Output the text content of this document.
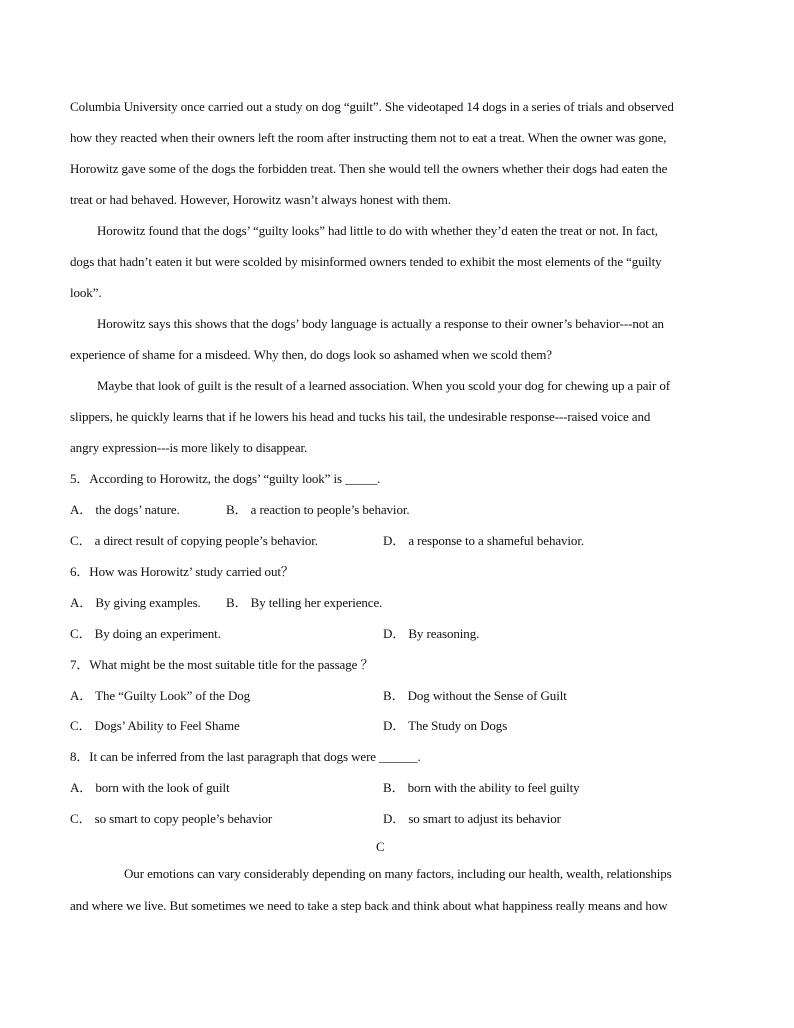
Columbia University once carried out a study on dog “guilt”. She videotaped 14 dogs in a series of trials and observed
how they reacted when their owners left the room after instructing them not to eat a treat. When the owner was gone,
Horowitz gave some of the dogs the forbidden treat. Then she would tell the owners whether their dogs had eaten the
treat or had behaved. However, Horowitz wasn’t always honest with them.
Horowitz found that the dogs’ “guilty looks” had little to do with whether they’d eaten the treat or not. In fact,
dogs that hadn’t eaten it but were scolded by misinformed owners tended to exhibit the most elements of the “guilty
look”.
Horowitz says this shows that the dogs’ body language is actually a response to their owner’s behavior---not an
experience of shame for a misdeed. Why then, do dogs look so ashamed when we scold them?
Maybe that look of guilt is the result of a learned association. When you scold your dog for chewing up a pair of
slippers, he quickly learns that if he lowers his head and tucks his tail, the undesirable response---raised voice and
angry expression---is more likely to disappear.
5．According to Horowitz, the dogs’ “guilty look” is _____.
A． the dogs’ nature.	B． a reaction to people’s behavior.
C． a direct result of copying people’s behavior.	D． a response to a shameful behavior.
6．How was Horowitz’ study carried out？
A． By giving examples. B． By telling her experience.
C． By doing an experiment.	D． By reasoning.
7．What might be the most suitable title for the passage ？
A． The “Guilty Look” of the Dog	B． Dog without the Sense of Guilt
C． Dogs’ Ability to Feel Shame	D． The Study on Dogs
8．It can be inferred from the last paragraph that dogs were ______.
A． born with the look of guilt	B． born with the ability to feel guilty
C． so smart to copy people’s behavior	D． so smart to adjust its behavior
C
Our emotions can vary considerably depending on many factors, including our health, wealth, relationships
and where we live. But sometimes we need to take a step back and think about what happiness really means and how
